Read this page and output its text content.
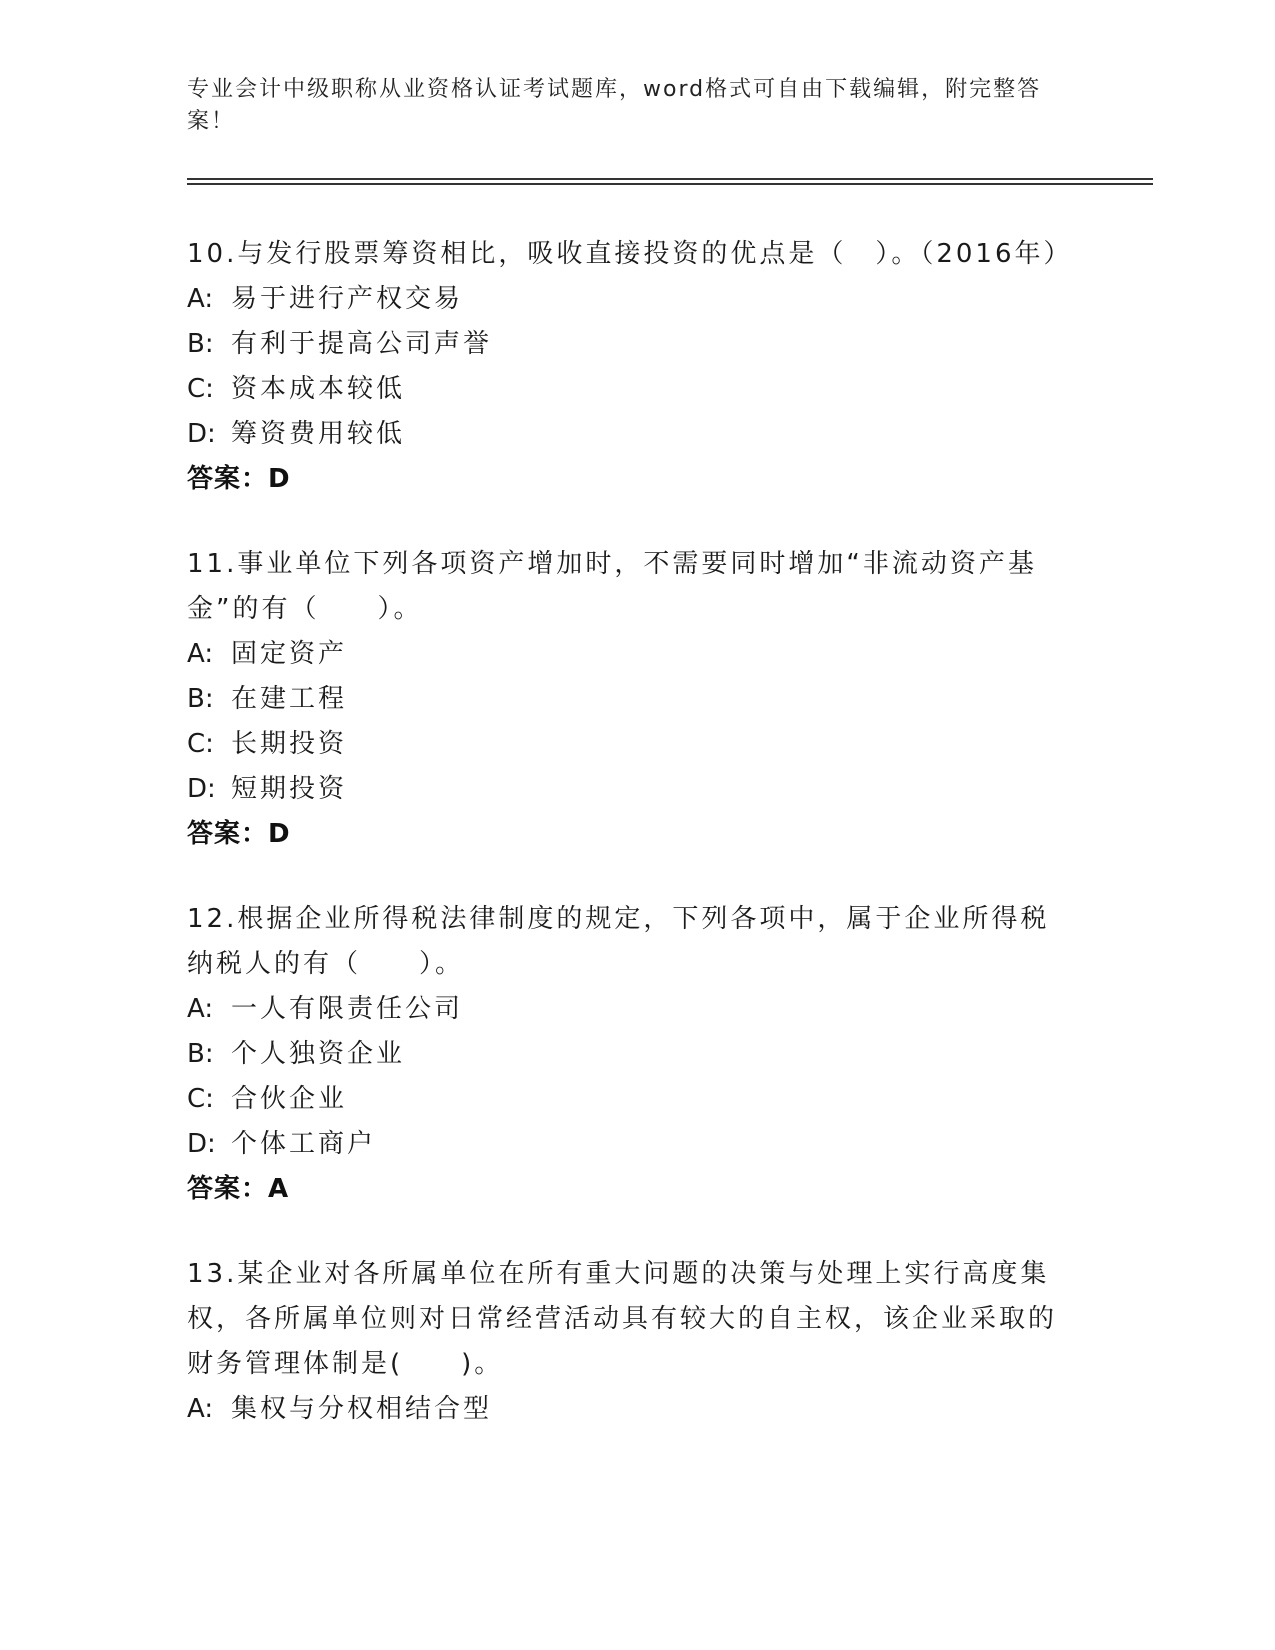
专业会计中级职称从业资格认证考试题库，word格式可自由下载编辑，附完整答案！
10.与发行股票筹资相比，吸收直接投资的优点是（　）。（2016年）
A: 易于进行产权交易
B: 有利于提高公司声誉
C: 资本成本较低
D: 筹资费用较低
答案：D
11.事业单位下列各项资产增加时，不需要同时增加“非流动资产基金”的有（　　）。
A: 固定资产
B: 在建工程
C: 长期投资
D: 短期投资
答案：D
12.根据企业所得税法律制度的规定，下列各项中，属于企业所得税纳税人的有（　　）。
A: 一人有限责任公司
B: 个人独资企业
C: 合伙企业
D: 个体工商户
答案：A
13.某企业对各所属单位在所有重大问题的决策与处理上实行高度集权，各所属单位则对日常经营活动具有较大的自主权，该企业采取的财务管理体制是(　　)。
A: 集权与分权相结合型
